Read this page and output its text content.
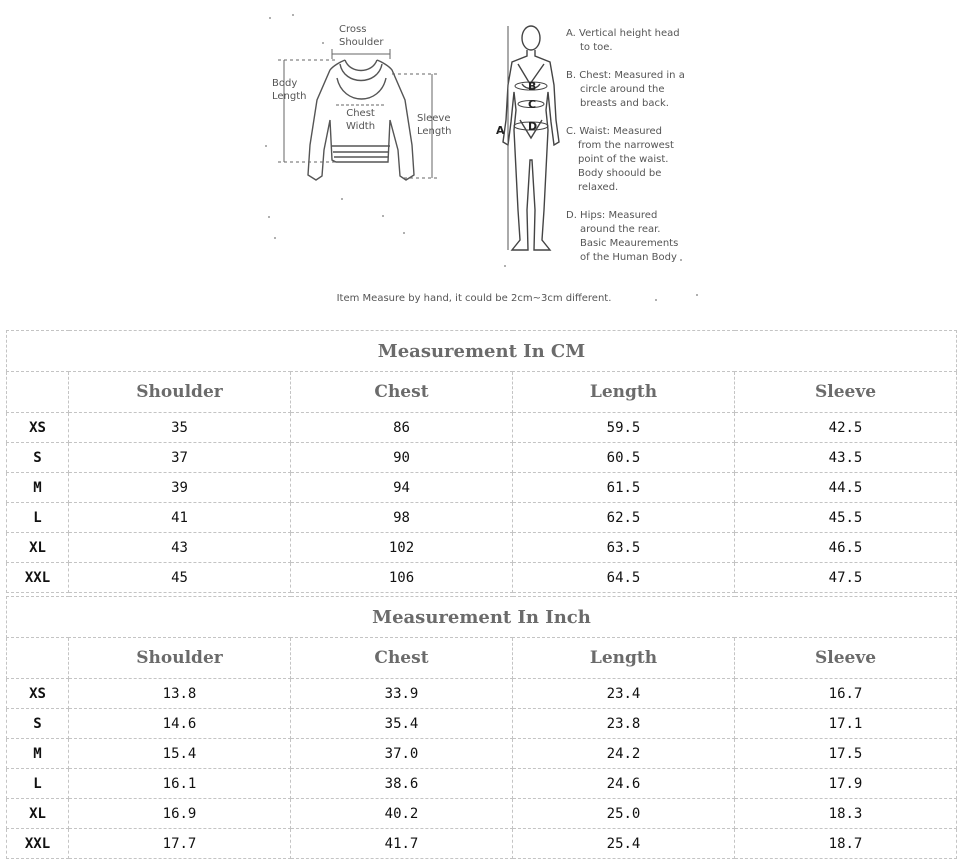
Cross
Shoulder
Body
Length
Chest
Width
Sleeve
Length	A
B
C
D
A. Vertical height head
to toe.
B. Chest: Measured in a
circle around the
breasts and back.
C. Waist: Measured
from the narrowest
point of the waist.
Body shoould be
relaxed.
D. Hips: Measured
around the rear.
Basic Meaurements
of the Human Body
Item Measure by hand, it could be 2cm~3cm different.
Measurement In CM				
	Shoulder	Chest	Length	Sleeve
XS	35	86	59.5	42.5
S	37	90	60.5	43.5
M	39	94	61.5	44.5
L	41	98	62.5	45.5
XL	43	102	63.5	46.5
XXL	45	106	64.5	47.5
Measurement In Inch				
	Shoulder	Chest	Length	Sleeve
XS	13.8	33.9	23.4	16.7
S	14.6	35.4	23.8	17.1
M	15.4	37.0	24.2	17.5
L	16.1	38.6	24.6	17.9
XL	16.9	40.2	25.0	18.3
XXL	17.7	41.7	25.4	18.7
